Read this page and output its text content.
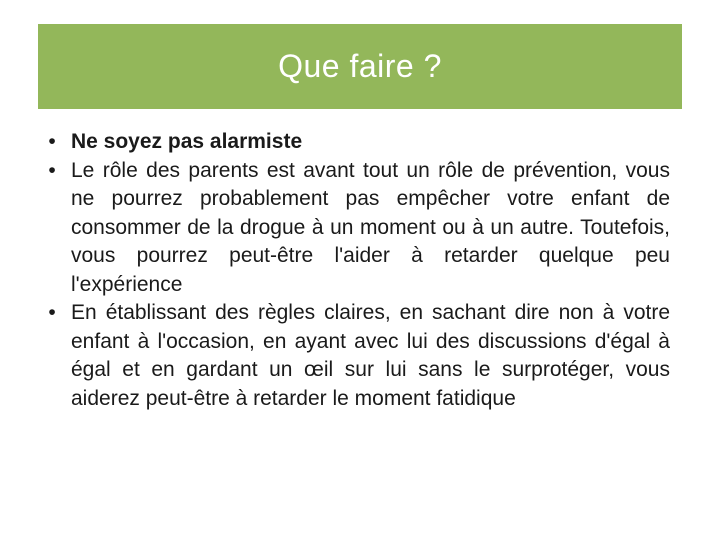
Que faire ?
• Ne soyez pas alarmiste
• Le rôle des parents est avant tout un rôle de prévention, vous ne pourrez probablement pas empêcher votre enfant de consommer de la drogue à un moment ou à un autre. Toutefois, vous pourrez peut-être l'aider à retarder quelque peu l'expérience
• En établissant des règles claires, en sachant dire non à votre enfant à l'occasion, en ayant avec lui des discussions d'égal à égal et en gardant un œil sur lui sans le surprotéger, vous aiderez peut-être à retarder le moment fatidique
